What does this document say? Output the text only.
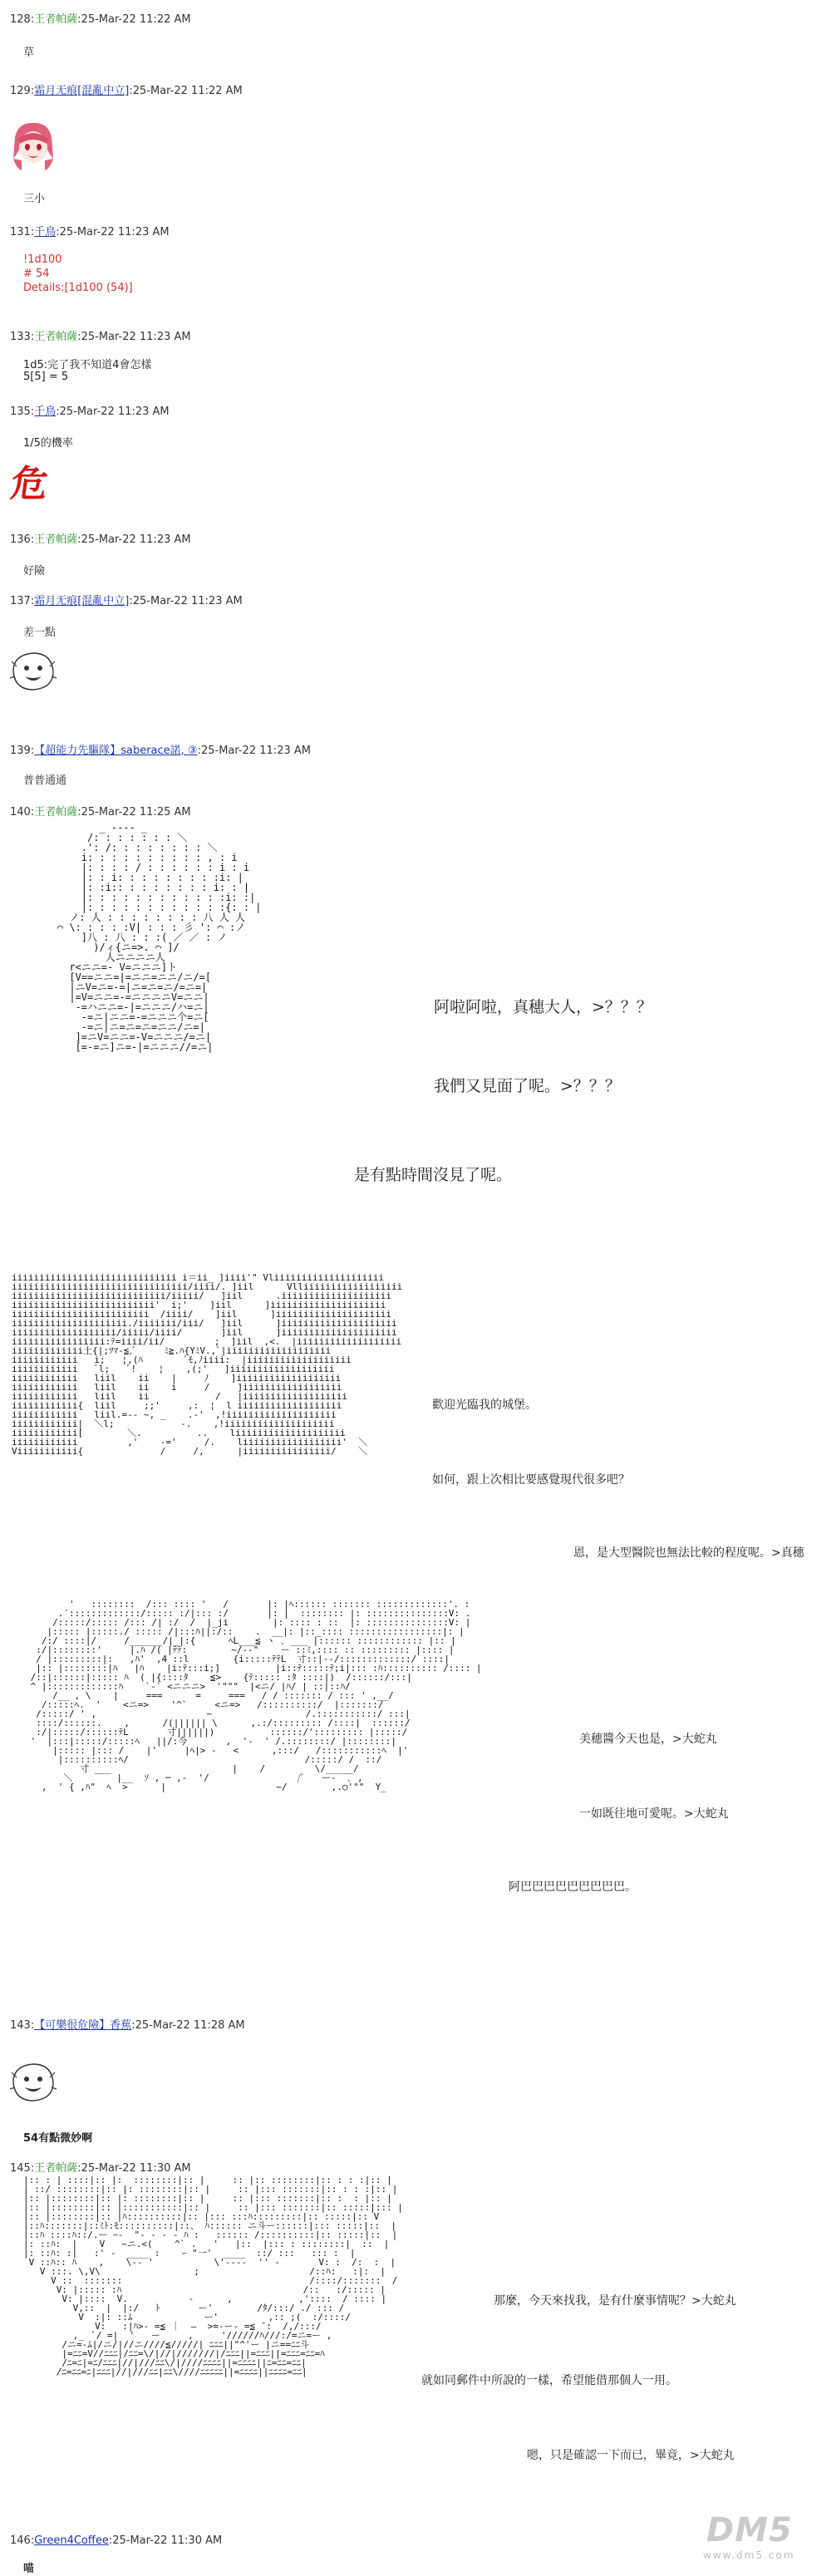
128:王者帕薩:25-Mar-22 11:22 AM
草
129:霜月无痕[混亂中立]:25-Mar-22 11:22 AM
三小
131:千鳥:25-Mar-22 11:23 AM
!1d100
# 54
Details:[1d100 (54)]
133:王者帕薩:25-Mar-22 11:23 AM
1d5:完了我不知道4會怎樣
5[5] = 5
135:千鳥:25-Mar-22 11:23 AM
1/5的機率
危
136:王者帕薩:25-Mar-22 11:23 AM
好險
137:霜月无痕[混亂中立]:25-Mar-22 11:23 AM
差一點
139:【超能力先驅隊】saberace諾, ③:25-Mar-22 11:23 AM
普普通通
140:王者帕薩:25-Mar-22 11:25 AM
_ ---- _
/: : : : : : : ＼
.': /: : : : : : : : ＼
i: : : : : : : : : : , : i
|: : : : / : : : : : : i : i
|: : i: : : : : : : : :i: |
|: :i:: : : : : : : : i: : |
|: : : : : : : : : : : :i: :|
|: : : : : : : : : : : :{: : |
ノ: 人 : : : : : : : : 八 人 人
⌒ \: : : : :V| : : : 彡 ': ⌒ :ノ
]八 : 八 : : :( ／ ／ : ノ
)/ィ{ニ=>. ⌒ ]/
人ニニニニ人
r<ニニ=- V=ニニニ]ト
[V==ニニ=|=ニニ=ニニ/ニ/=[
|ニV=ニ=-=|ニ=ニ=ニ/=ニ=|
|=V=ニニ=-=ニニニニV=ニニ|
-=ハニニ=-|=ニニニ/ハ=ニ|
-=ニ|ニニ=-=ニニニ个=ニ[
-=ニ|ニ=ニ=ニ=ニニ/ニ=|
]=ニV=ニニ=-V=ニニニ/=ニ|
[=-=ニ]ニ=-|=ニニニ//=ニ|
阿啦阿啦，真穗大人，>？？？
我們又見面了呢。>？？？
是有點時間沒見了呢。
iiiiiiiiiiiiiiiiiiiiiiiiiiiiii i＝ii_ ]iiii'" Vliiiiiiiiiiiiiiiiiiii
iiiiiiiiiiiiiiiiiiiiiiiiiiiiiiii/iiii/. ]iil      Vlliiiiiiiiiiiiiiiiii
iiiiiiiiiiiiiiiiiiiiiiiiiiii/iiiii/   ]iil      .iiiiiiiiiiiiiiiiiiii
iiiiiiiiiiiiiiiiiiiiiiiiii'  i;'    ]iil      ]iiiiiiiiiiiiiiiiiiiii
iiiiiiiiiiiiiiiiiiiiiiiii  /iiii/    ]iil      ]iiiiiiiiiiiiiiiiiiiii
iiiiiiiiiiiiiiiiiiiii./iiiiiii/iii/   ]iil      ]iiiiiiiiiiiiiiiiiiiii
iiiiiiiiiiiiiiiiiii/iiiii/iiii/       ]iil      ]iiiiiiiiiiiiiiiiiiiii
iiiiiiiiiiiiiiiii:ﾃ=iiii/ii/         ;  ]iil  ,<.  |iiiiiiiiiiiiiiiiiii
iiiiiiiiiiiii土{|;ﾂﾏ-≦,ﾞ     ﾐ≧.ﾊ{YﾐV.,ﾞ|iiiiiiiiiiiiiiiiiii
iiiiiiiiiiii   i;   ¦,(ﾊ        ﾞﾓ,ﾉiiii:  |iiiiiiiiiiiiiiiiiii
iiiiiiiiiiii   ﾞl;   ﾞ!    ¦    ,(;'   ]iiiiiiiiiiiiiiiiiii
iiiiiiiiiiii   liil    ii    |     ﾉ    ]iiiiiiiiiiiiiiiiiii
iiiiiiiiiiii   liil    ii    i     /     ]iiiiiiiiiiiiiiiiii
iiiiiiiiiiii   liil    ii            /   |iiiiiiiiiiiiiiiiiii
iiiiiiiiiiii{  liil     ;;'     ,:  ¦  l iiiiiiiiiiiiiiiiiii
iiiiiiiiiiii   liil.=-- ~, _    .-'  ,!iiiiiiiiiiiiiiiiiiii
iiiiiiiiiiii|  ＼l;            -.    ,!iiiiiiiiiiiiiiiiiiii
iiiiiiiiiiii[        ＼.          ..    liiiiiiiiiiiiiiiiiiii
iiiiiiiiiiii         ,'    -='     /.    liiiiiiiiiiiiiiiiii'  ＼
Viiiiiiiiiii{              /     /,      |iiiiiiiiiiiiiiii/    ＼
歡迎光臨我的城堡。
如何，跟上次相比要感覺現代很多吧？
恩，是大型醫院也無法比較的程度呢。>真穗
'   ::::::::  /::: :::: '   /       |: |ﾍ:::::: ::::::: :::::::::::::'. :
.′:::::::::::::/::::: :/|::: :/       |: |  :::::::: |: :::::::::::::::V: .
/:::::/::::: /::: /| :/  /  |_ji        |: :::: : ::  |: :::::::::::::::V: |
|::::: |:::::./ ::::: /|:::ﾊ||:/::    .  __|: |::_:::: :::::::::::::::::|: |
/:/ ::::|/     /______/|_|:{      ﾍL___≦ ヽ ､ ___ |:::::: :::::::::::: |:: |
:/|::::::::'     |.ﾊ /( |ﾃﾃ:        ~/--"    ー ::ﾐ,:::: :: ::::::::: |:::: |
/ |:::::::::|:   ,ﾊ'  ,4 ::l        {i:::::ﾃﾃL  寸::|--/:::::::::::::/ ::::|
|:: |::::::::|ﾊ   |ﾊ    |i:ﾃ:::i;]          |i::ﾃ:::::ﾃ;i|::: :ﾊ:::::::::: /:::: |
/::|::::::|::::: ﾊ  ( |{::::ﾀ    ≦>    {ﾃ::::: :ﾀ ::::|)  /::::::/:::|
^ |:::::::::::::ﾊ    `-` <ニニニ>  '"""  |<ニ/ |ﾊ/ | ::|::ﾊ/
/__ , \    |     ===      =     ===   / / ::::::: / ::: ' ,__/
/:::::ﾍ.  '    <ニ=>    '^`     <ニ=>   /::::::::::/  |:::::::/
/:::::/ ' ,                    ~                 /.:::::::::::/ :::|
::::/::::::.    ,      /(|||||| \      ,.:/::::::::: /::::|  ::::::/
:/|:::::/::::::ﾃL       寸||||||)          ::::::/'::::::::: |:::::/
'  |:::|:::::/:::::ﾍ   ||/:今       ,  '-  ' /.::::::::/ |::::::::|
|::::: |::: /    |'     |ﾍ|> -   <      ,:::/   /:::::::::::ﾍ  |'
|::::::::::ﾍ/                                /:::::/ /  ::/
寸 ___                      |    /         \/_____/
＼        |__  ｿ , ─ ,-  '/                /ﾟ   ー-  ､ ,
,  ' { ,ﾊ"  ﾍ  >      |                    ~/        ,.○'""  Y_
美穗醬今天也是，>大蛇丸
一如既往地可愛呢。>大蛇丸
阿巴巴巴巴巴巴巴巴巴。
143:【可樂很危險】香蕉:25-Mar-22 11:28 AM
54有點微妙啊
145:王者帕薩:25-Mar-22 11:30 AM
|:: : | ::::|:: |:  ::::::::|:: |     :: |:: ::::::::|:: : : :|:: |
| ::/ ::::::::|:: |: ::::::::|:: |     :: |::: :::::::|:: : : :|:: |
|:: |::::::::|:: |: ::::::::|:: |     :: |::: :::::::|:: :  : |:: |
|:: |::::::::|:: |:::::::::::|:: |     :: |::: :::::::|:: :::::|::: |
|:: |::::::::|:: |ﾊ::::::::::|:: |::: :::ﾊ:::::::::|:: :::::|:: V
|::ﾊ:::::::|::ﾐﾄ:ﾓ::::::::::|::、 ﾊ:::::: ニ斗ー::::::|::: :::::|::  |
|::ﾊ ::::ﾊ::/.ー ｰ-  "- - - - ﾊ :   :::::: /::::::::::|:: :::::|::  |
|: ::ﾊ:  |    V   ~ニ.<(    ^` .   '   |::  |::: : ::::::::|  ::  |
|: ::ﾊ: :|   :' -  ____ :    ｰ "一'  ____  ::/ :::   ::: :  |
V ::ﾊ:: ﾊ    ,    \-- '           \'----  '' -       V: :  /:  :  |
V :::. \,V\                 ;                    /::ﾊ:   :|:  |
V ::  :::::::                                  /::::/:::::::  /
V: |::::: :ﾊ                                 /::   :/::::: |
V: |::::  V.           -      ,            ,'::::  / :::: |
V,::  |  |:/   ﾄ       ー'        /ﾀ/:::/ ./ ::: /
V  :|: ::ﾑ             ー'         ,:: ;(  :/::::/
V:   :|ﾊ>- =≦ ｜  ―  >=-ー- =≦ ̄ :  /,/:::/
,_  ﾟ/ =|  '   ー     ,     '//////ﾊ///:/=ニ=ー ,
/ニ=-ﾑ|/ニ/|//ニ////≦/////| ﾆﾆﾆ||"^'ー |ニ==ﾆﾆ斗
|=ﾆﾆ=V//ﾆﾆﾆ|/ﾆﾆ=\/|//|///////|/ﾆﾆﾆ||=ﾆﾆﾆ||=ﾆﾆﾆ=ﾆﾆ=ﾊ
/ﾆ=ﾆ|=ﾆ/ﾆﾆﾆ|//|///ﾆﾆ\/|////ﾆﾆﾆﾆ||=ﾆﾆﾆﾆ||ﾆ=ﾆﾆ=ﾆﾆ|
/ﾆ=ﾆﾆ=ﾆ|ﾆﾆﾆ|//|///ﾆﾆ|ﾆﾆ\////ﾆﾆﾆﾆﾆ||=ﾆﾆﾆﾆ||ﾆﾆﾆﾆ=ﾆﾆ|
那麼，今天來找我，是有什麼事情呢？>大蛇丸
就如同郵件中所說的一樣，希望能借那個人一用。
嗯，只是確認一下而已，畢竟，>大蛇丸
146:Green4Coffee:25-Mar-22 11:30 AM
喵
DM5
www.dm5.com
